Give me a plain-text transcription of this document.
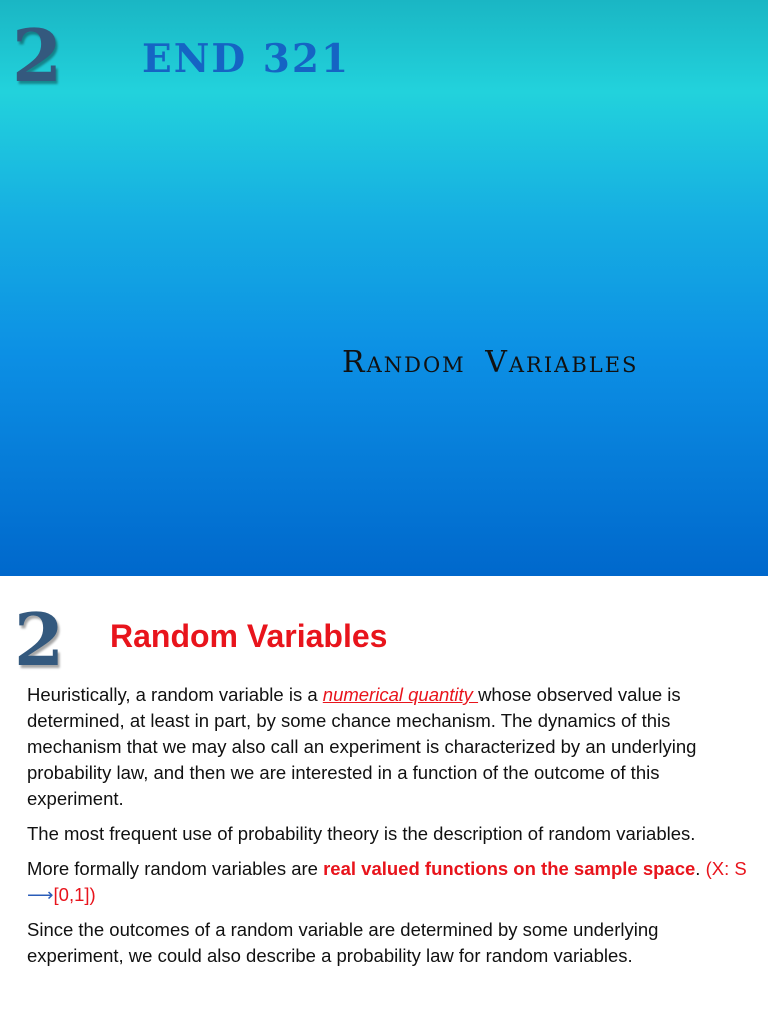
2 END 321
Random Variables
2 Random Variables

Heuristically, a random variable is a numerical quantity whose observed value is determined, at least in part, by some chance mechanism. The dynamics of this mechanism that we may also call an experiment is characterized by an underlying probability law, and then we are interested in a function of the outcome of this experiment.

The most frequent use of probability theory is the description of random variables.

More formally random variables are real valued functions on the sample space. (X: S ⟶[0,1])

Since the outcomes of a random variable are determined by some underlying experiment, we could also describe a probability law for random variables.
